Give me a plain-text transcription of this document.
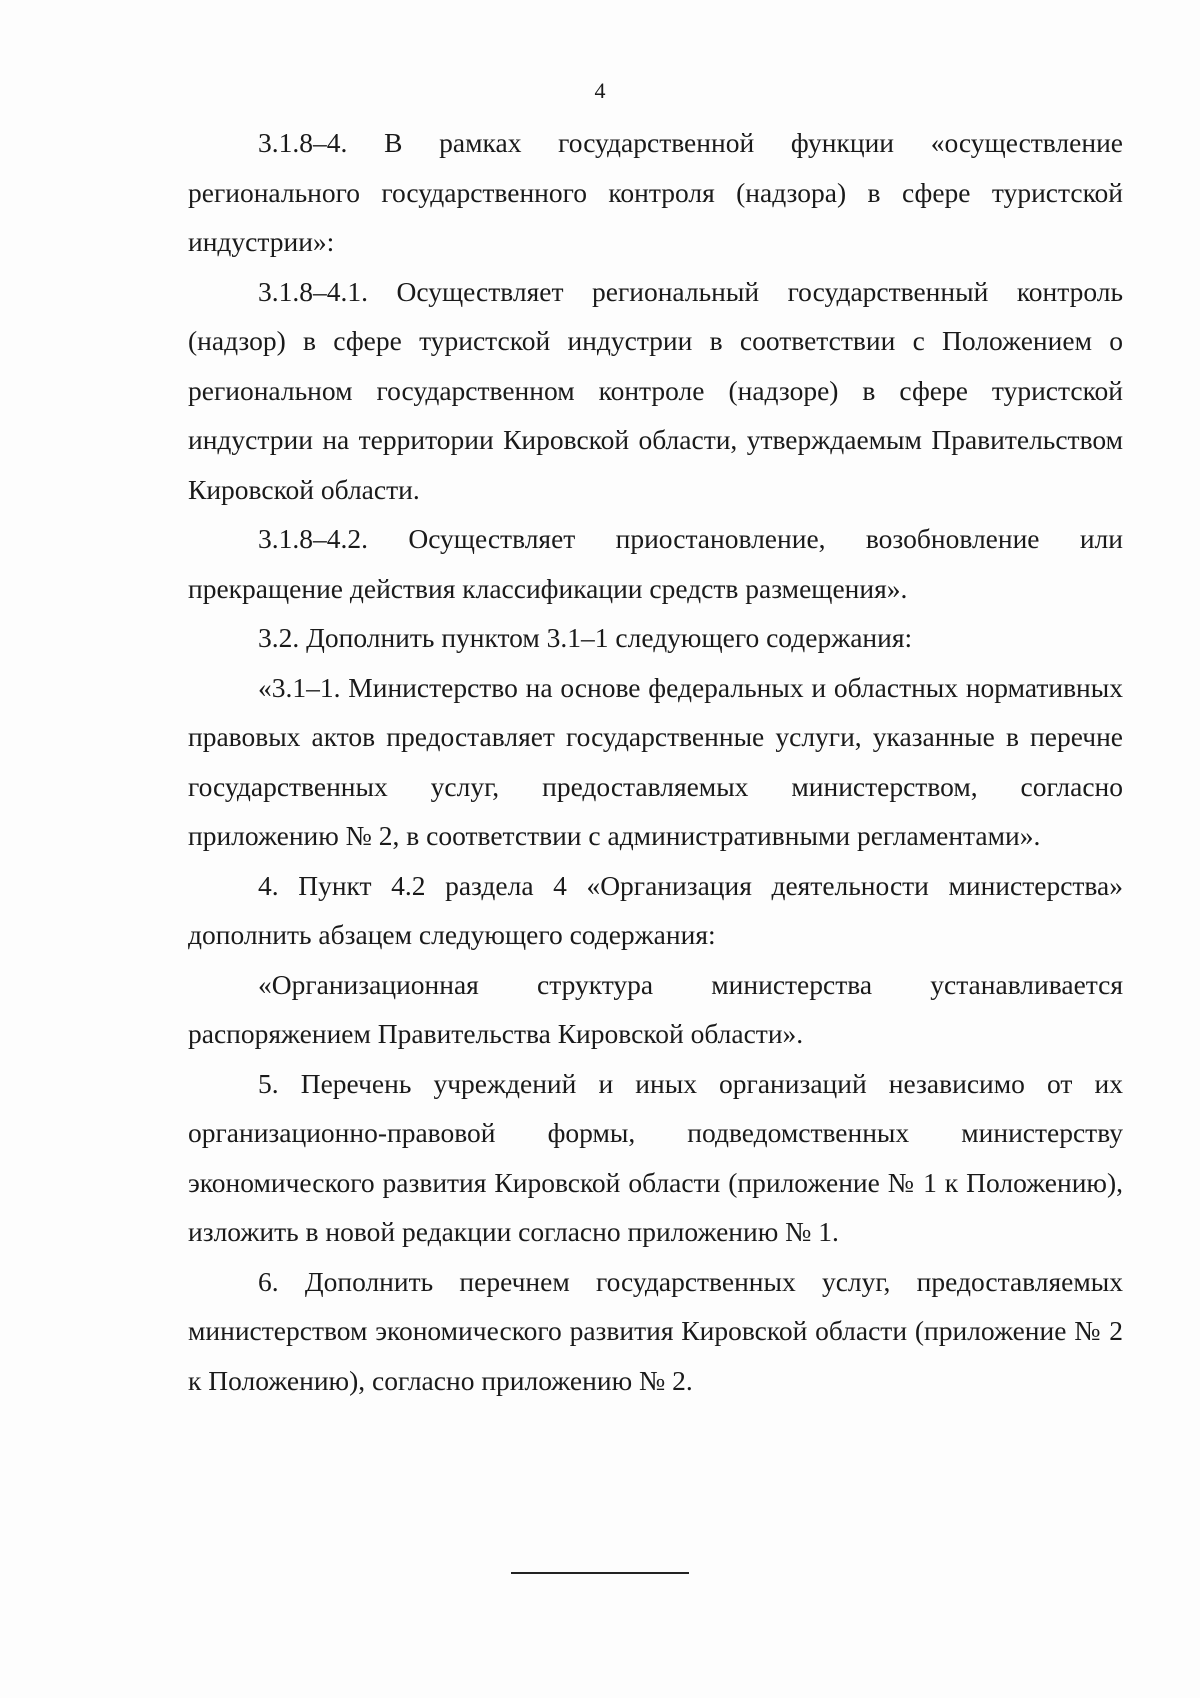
4

3.1.8–4. В рамках государственной функции «осуществление регионального государственного контроля (надзора) в сфере туристской индустрии»:

3.1.8–4.1. Осуществляет региональный государственный контроль (надзор) в сфере туристской индустрии в соответствии с Положением о региональном государственном контроле (надзоре) в сфере туристской индустрии на территории Кировской области, утверждаемым Правительством Кировской области.

3.1.8–4.2. Осуществляет приостановление, возобновление или прекращение действия классификации средств размещения».

3.2. Дополнить пунктом 3.1–1 следующего содержания:

«3.1–1. Министерство на основе федеральных и областных нормативных правовых актов предоставляет государственные услуги, указанные в перечне государственных услуг, предоставляемых министерством, согласно приложению № 2, в соответствии с административными регламентами».

4. Пункт 4.2 раздела 4 «Организация деятельности министерства» дополнить абзацем следующего содержания:

«Организационная структура министерства устанавливается распоряжением Правительства Кировской области».

5. Перечень учреждений и иных организаций независимо от их организационно-правовой формы, подведомственных министерству экономического развития Кировской области (приложение № 1 к Положению), изложить в новой редакции согласно приложению № 1.

6. Дополнить перечнем государственных услуг, предоставляемых министерством экономического развития Кировской области (приложение № 2 к Положению), согласно приложению № 2.
